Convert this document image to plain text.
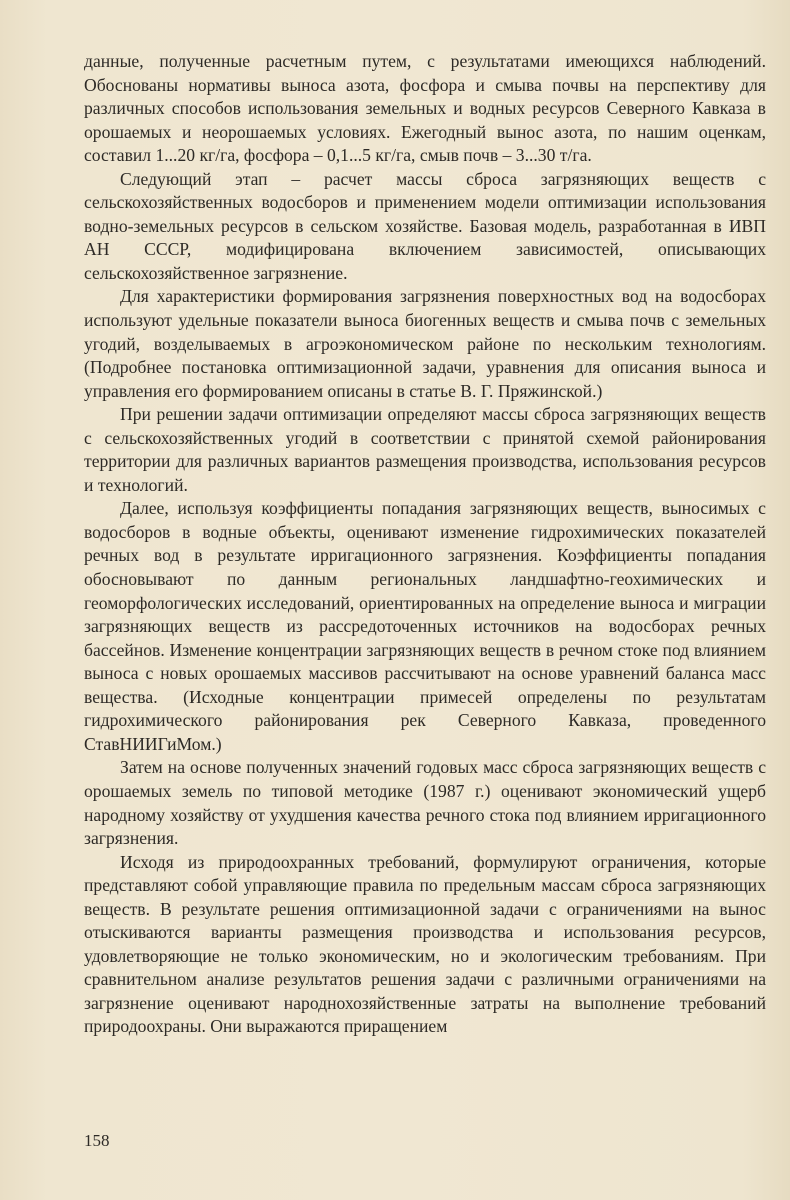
данные, полученные расчетным путем, с результатами имеющихся наблюдений. Обоснованы нормативы выноса азота, фосфора и смыва почвы на перспективу для различных способов использования земельных и водных ресурсов Северного Кавказа в орошаемых и неорошаемых условиях. Ежегодный вынос азота, по нашим оценкам, составил 1...20 кг/га, фосфора – 0,1...5 кг/га, смыв почв – 3...30 т/га.

Следующий этап – расчет массы сброса загрязняющих веществ с сельскохозяйственных водосборов и применением модели оптимизации использования водно-земельных ресурсов в сельском хозяйстве. Базовая модель, разработанная в ИВП АН СССР, модифицирована включением зависимостей, описывающих сельскохозяйственное загрязнение.

Для характеристики формирования загрязнения поверхностных вод на водосборах используют удельные показатели выноса биогенных веществ и смыва почв с земельных угодий, возделываемых в агроэкономическом районе по нескольким технологиям. (Подробнее постановка оптимизационной задачи, уравнения для описания выноса и управления его формированием описаны в статье В. Г. Пряжинской.)

При решении задачи оптимизации определяют массы сброса загрязняющих веществ с сельскохозяйственных угодий в соответствии с принятой схемой районирования территории для различных вариантов размещения производства, использования ресурсов и технологий.

Далее, используя коэффициенты попадания загрязняющих веществ, выносимых с водосборов в водные объекты, оценивают изменение гидрохимических показателей речных вод в результате ирригационного загрязнения. Коэффициенты попадания обосновывают по данным региональных ландшафтно-геохимических и геоморфологических исследований, ориентированных на определение выноса и миграции загрязняющих веществ из рассредоточенных источников на водосборах речных бассейнов. Изменение концентрации загрязняющих веществ в речном стоке под влиянием выноса с новых орошаемых массивов рассчитывают на основе уравнений баланса масс вещества. (Исходные концентрации примесей определены по результатам гидрохимического районирования рек Северного Кавказа, проведенного СтавНИИГиМом.)

Затем на основе полученных значений годовых масс сброса загрязняющих веществ с орошаемых земель по типовой методике (1987 г.) оценивают экономический ущерб народному хозяйству от ухудшения качества речного стока под влиянием ирригационного загрязнения.

Исходя из природоохранных требований, формулируют ограничения, которые представляют собой управляющие правила по предельным массам сброса загрязняющих веществ. В результате решения оптимизационной задачи с ограничениями на вынос отыскиваются варианты размещения производства и использования ресурсов, удовлетворяющие не только экономическим, но и экологическим требованиям. При сравнительном анализе результатов решения задачи с различными ограничениями на загрязнение оценивают народнохозяйственные затраты на выполнение требований природоохраны. Они выражаются приращением

158
